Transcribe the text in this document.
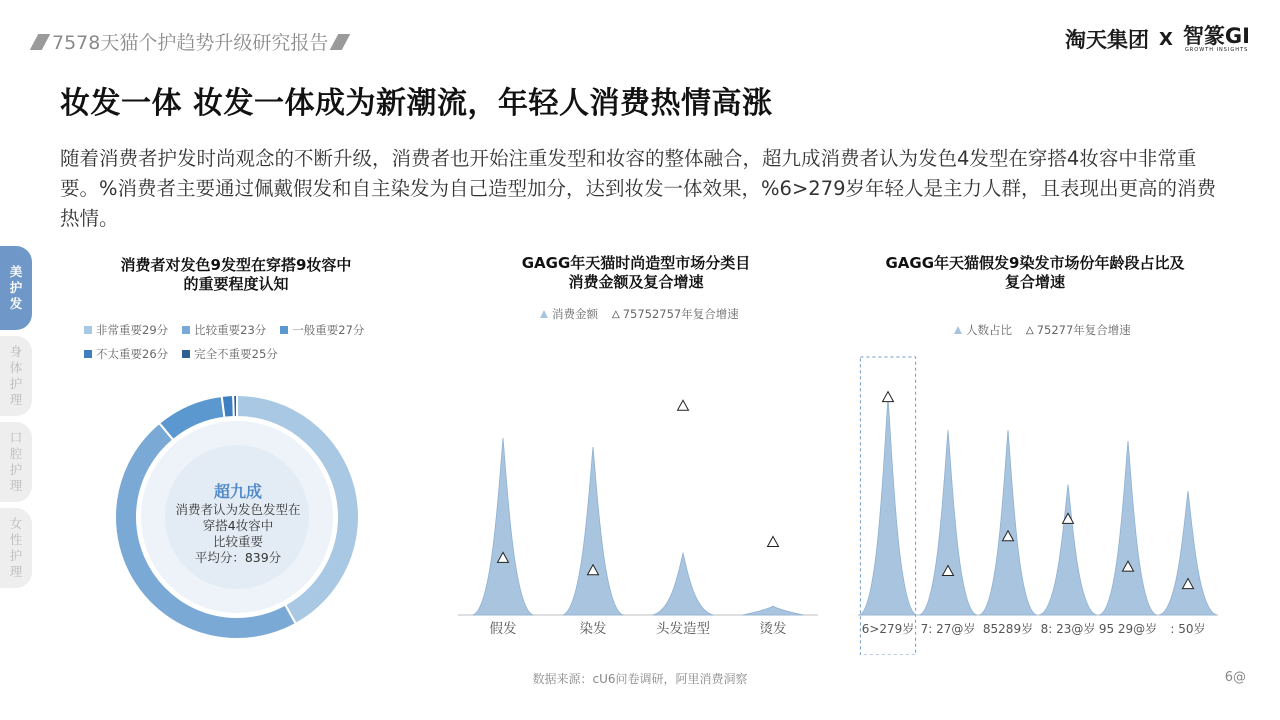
7578天猫个护趋势升级研究报告	淘天集团 X 智篆GI
GROWTH INSIGHTS
妆发一体 妆发一体成为新潮流，年轻人消费热情高涨
随着消费者护发时尚观念的不断升级，消费者也开始注重发型和妆容的整体融合，超九成消费者认为发色4发型在穿搭4妆容中非常重要。%消费者主要通过佩戴假发和自主染发为自己造型加分，达到妆发一体效果，%6>279岁年轻人是主力人群，且表现出更高的消费热情。
美
护
发
身
体
护
理
口
腔
护
理
女
性
护
理
消费者对发色9发型在穿搭9妆容中
的重要程度认知
非常重要29分 比较重要23分 一般重要27分
不太重要26分 完全不重要25分
超九成
消费者认为发色发型在
穿搭4妆容中
比较重要
平均分：839分
GAGG年天猫时尚造型市场分类目
消费金额及复合增速
消费金额 △ 75752757年复合增速
假发	染发	头发造型	烫发
GAGG年天猫假发9染发市场份年龄段占比及
复合增速
人数占比 △ 75277年复合增速
6>279岁 7: 27@岁 85289岁 8: 23@岁 95 29@岁 : 50岁
数据来源：cU6问卷调研，阿里消费洞察	6@
